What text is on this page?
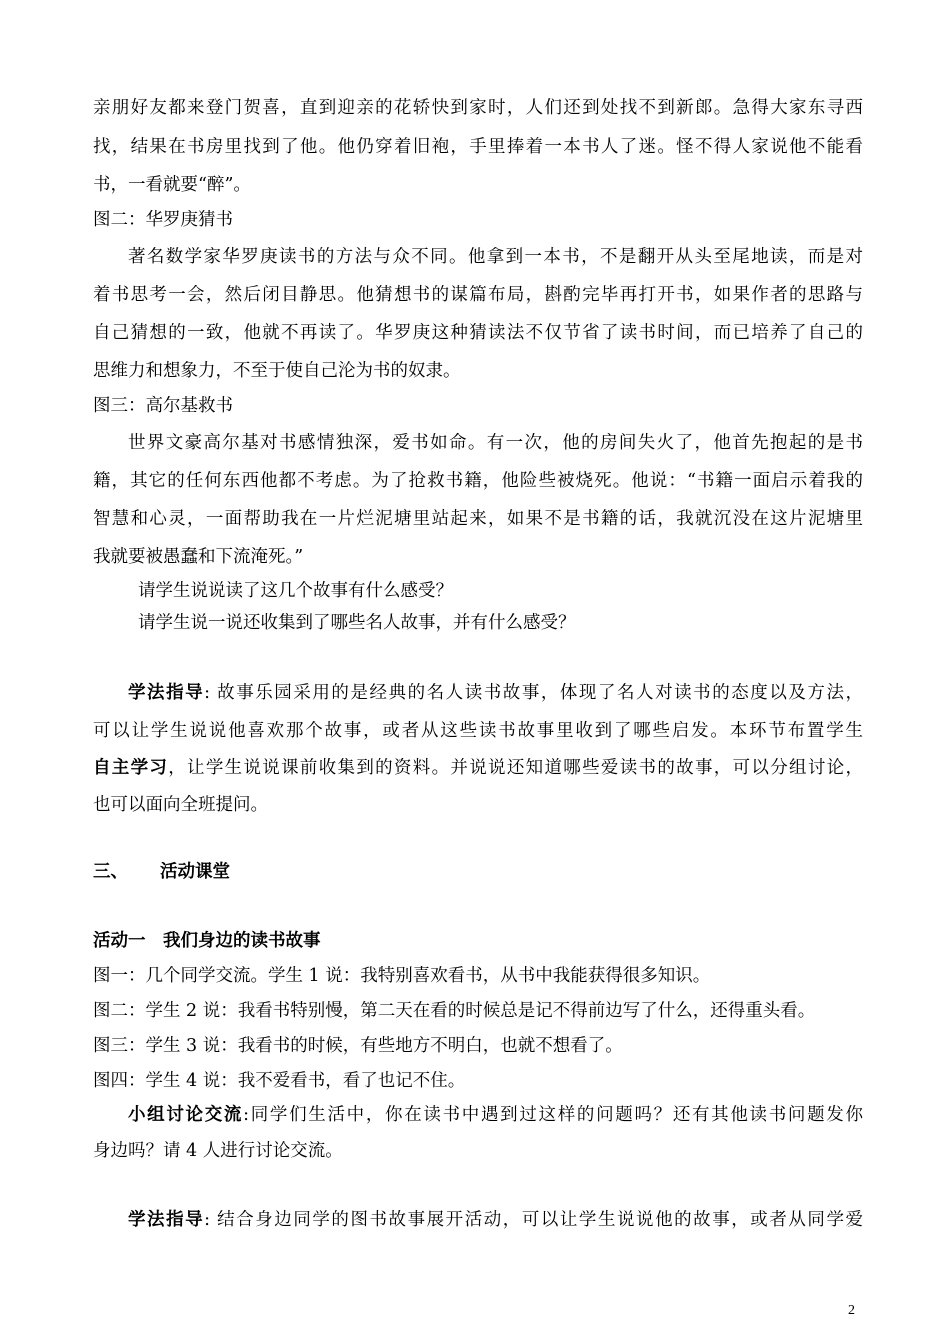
亲朋好友都来登门贺喜，直到迎亲的花轿快到家时，人们还到处找不到新郎。急得大家东寻西
找，结果在书房里找到了他。他仍穿着旧袍，手里捧着一本书人了迷。怪不得人家说他不能看
书，一看就要“醉”。
图二：华罗庚猜书
著名数学家华罗庚读书的方法与众不同。他拿到一本书，不是翻开从头至尾地读，而是对
着书思考一会，然后闭目静思。他猜想书的谋篇布局，斟酌完毕再打开书，如果作者的思路与
自己猜想的一致，他就不再读了。华罗庚这种猜读法不仅节省了读书时间，而已培养了自己的
思维力和想象力，不至于使自己沦为书的奴隶。
图三：高尔基救书
世界文豪高尔基对书感情独深，爱书如命。有一次，他的房间失火了，他首先抱起的是书
籍，其它的任何东西他都不考虑。为了抢救书籍，他险些被烧死。他说：“书籍一面启示着我的
智慧和心灵，一面帮助我在一片烂泥塘里站起来，如果不是书籍的话，我就沉没在这片泥塘里
我就要被愚蠢和下流淹死。”
请学生说说读了这几个故事有什么感受？
请学生说一说还收集到了哪些名人故事，并有什么感受？
学法指导: 故事乐园采用的是经典的名人读书故事，体现了名人对读书的态度以及方法，
可以让学生说说他喜欢那个故事，或者从这些读书故事里收到了哪些启发。本环节布置学生
自主学习，让学生说说课前收集到的资料。并说说还知道哪些爱读书的故事，可以分组讨论，
也可以面向全班提问。
三、 活动课堂
活动一　我们身边的读书故事
图一：几个同学交流。学生 1 说：我特别喜欢看书，从书中我能获得很多知识。
图二：学生 2 说：我看书特别慢，第二天在看的时候总是记不得前边写了什么，还得重头看。
图三：学生 3 说：我看书的时候，有些地方不明白，也就不想看了。
图四：学生 4 说：我不爱看书，看了也记不住。
小组讨论交流:同学们生活中，你在读书中遇到过这样的问题吗？还有其他读书问题发你
身边吗？请 4 人进行讨论交流。
学法指导: 结合身边同学的图书故事展开活动，可以让学生说说他的故事，或者从同学爱
2
